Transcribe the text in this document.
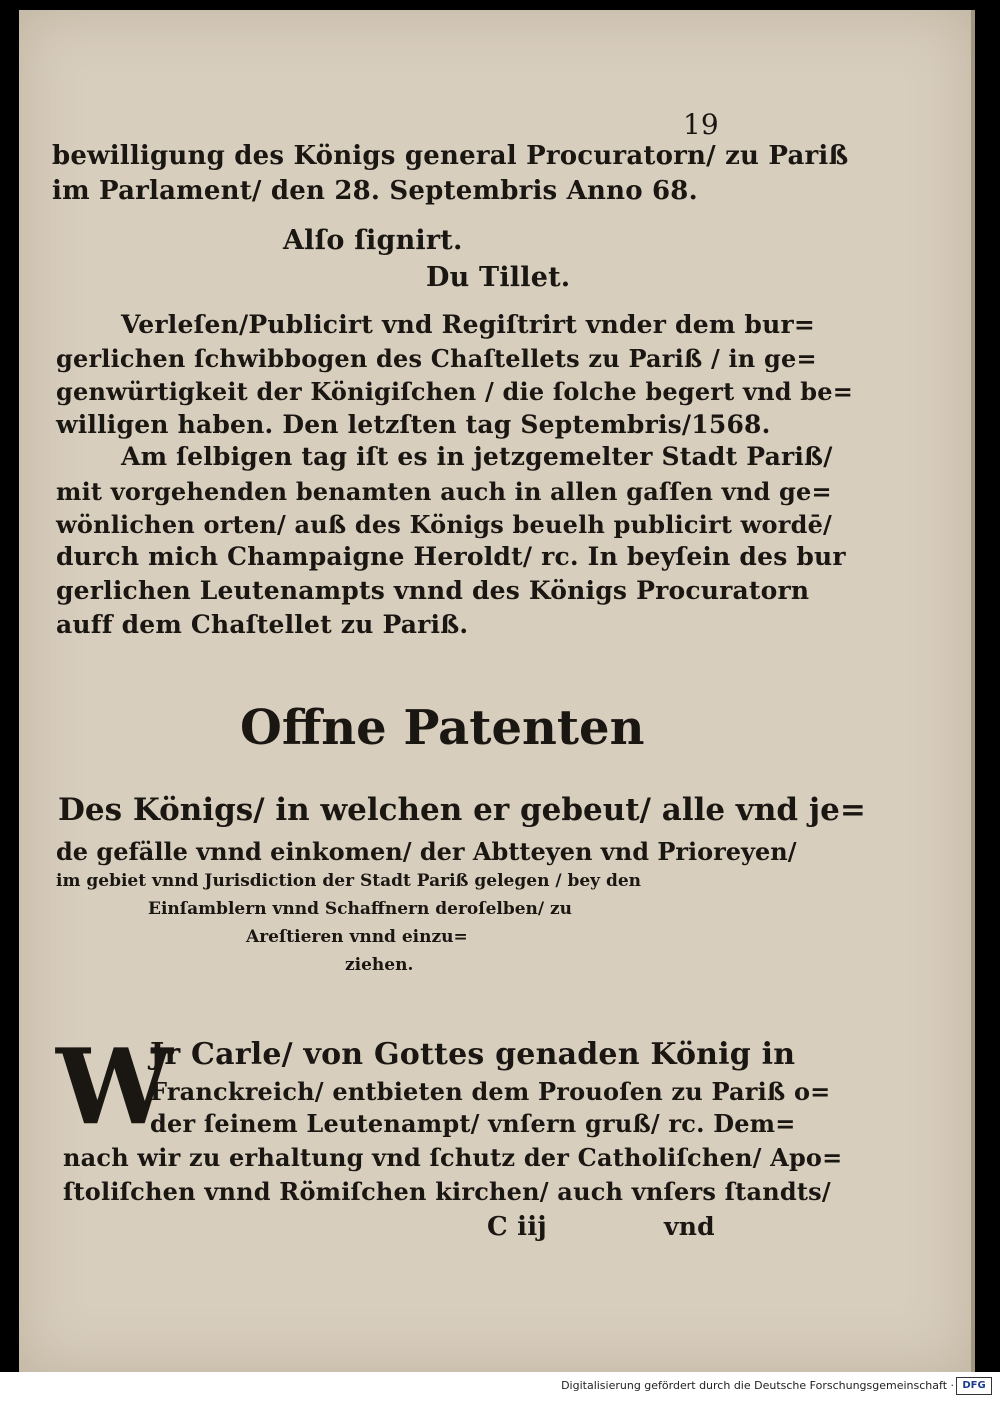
19
bewilligung des Königs general Procuratorn/ zu Pariß
im Parlament/ den 28. Septembris Anno 68.
Alſo ſignirt.
Du Tillet.
Verleſen/Publicirt vnd Regiſtrirt vnder dem bur=
gerlichen ſchwibbogen des Chaſtellets zu Pariß / in ge=
genwürtigkeit der Königiſchen / die ſolche begert vnd be=
willigen haben. Den letzſten tag Septembris/1568.
Am ſelbigen tag iſt es in jetzgemelter Stadt Pariß/
mit vorgehenden benamten auch in allen gaſſen vnd ge=
wönlichen orten/ auß des Königs beuelh publicirt wordē/
durch mich Champaigne Heroldt/ rc. In beyſein des bur
gerlichen Leutenampts vnnd des Königs Procuratorn
auff dem Chaſtellet zu Pariß.
Offne Patenten
Des Königs/ in welchen er gebeut/ alle vnd je=
de gefälle vnnd einkomen/ der Abtteyen vnd Prioreyen/
im gebiet vnnd Jurisdiction der Stadt Pariß gelegen / bey den
Einſamblern vnnd Schaffnern deroſelben/ zu
Areſtieren vnnd einzu=
ziehen.
W
Jr Carle/ von Gottes genaden König in
Franckreich/ entbieten dem Prouoſen zu Pariß o=
der ſeinem Leutenampt/ vnſern gruß/ rc. Dem=
nach wir zu erhaltung vnd ſchutz der Catholiſchen/ Apo=
ſtoliſchen vnnd Römiſchen kirchen/ auch vnſers ſtandts/
C iij	vnd
Digitalisierung gefördert durch die Deutsche Forschungsgemeinschaft · DFG
